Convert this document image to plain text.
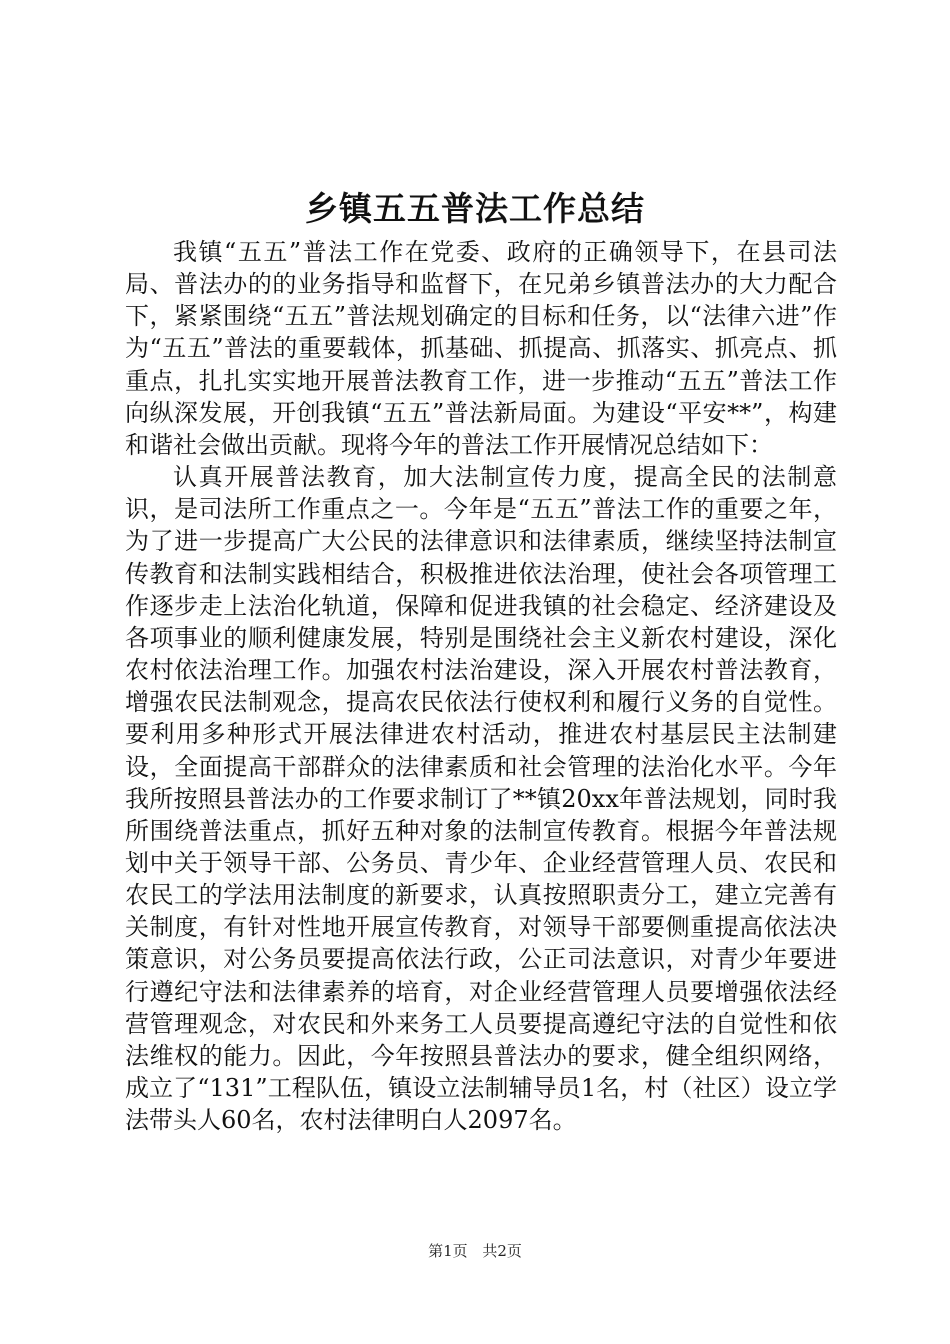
乡镇五五普法工作总结

我镇“五五”普法工作在党委、政府的正确领导下，在县司法局、普法办的的业务指导和监督下，在兄弟乡镇普法办的大力配合下，紧紧围绕“五五”普法规划确定的目标和任务，以“法律六进”作为“五五”普法的重要载体，抓基础、抓提高、抓落实、抓亮点、抓重点，扎扎实实地开展普法教育工作，进一步推动“五五”普法工作向纵深发展，开创我镇“五五”普法新局面。为建设“平安**”，构建和谐社会做出贡献。现将今年的普法工作开展情况总结如下：

认真开展普法教育，加大法制宣传力度，提高全民的法制意识，是司法所工作重点之一。今年是“五五”普法工作的重要之年，为了进一步提高广大公民的法律意识和法律素质，继续坚持法制宣传教育和法制实践相结合，积极推进依法治理，使社会各项管理工作逐步走上法治化轨道，保障和促进我镇的社会稳定、经济建设及各项事业的顺利健康发展，特别是围绕社会主义新农村建设，深化农村依法治理工作。加强农村法治建设，深入开展农村普法教育，增强农民法制观念，提高农民依法行使权利和履行义务的自觉性。要利用多种形式开展法律进农村活动，推进农村基层民主法制建设，全面提高干部群众的法律素质和社会管理的法治化水平。今年我所按照县普法办的工作要求制订了**镇20xx年普法规划，同时我所围绕普法重点，抓好五种对象的法制宣传教育。根据今年普法规划中关于领导干部、公务员、青少年、企业经营管理人员、农民和农民工的学法用法制度的新要求，认真按照职责分工，建立完善有关制度，有针对性地开展宣传教育，对领导干部要侧重提高依法决策意识，对公务员要提高依法行政，公正司法意识，对青少年要进行遵纪守法和法律素养的培育，对企业经营管理人员要增强依法经营管理观念，对农民和外来务工人员要提高遵纪守法的自觉性和依法维权的能力。因此，今年按照县普法办的要求，健全组织网络，成立了“131”工程队伍，镇设立法制辅导员1名，村（社区）设立学法带头人60名，农村法律明白人2097名。

第1页 共2页
